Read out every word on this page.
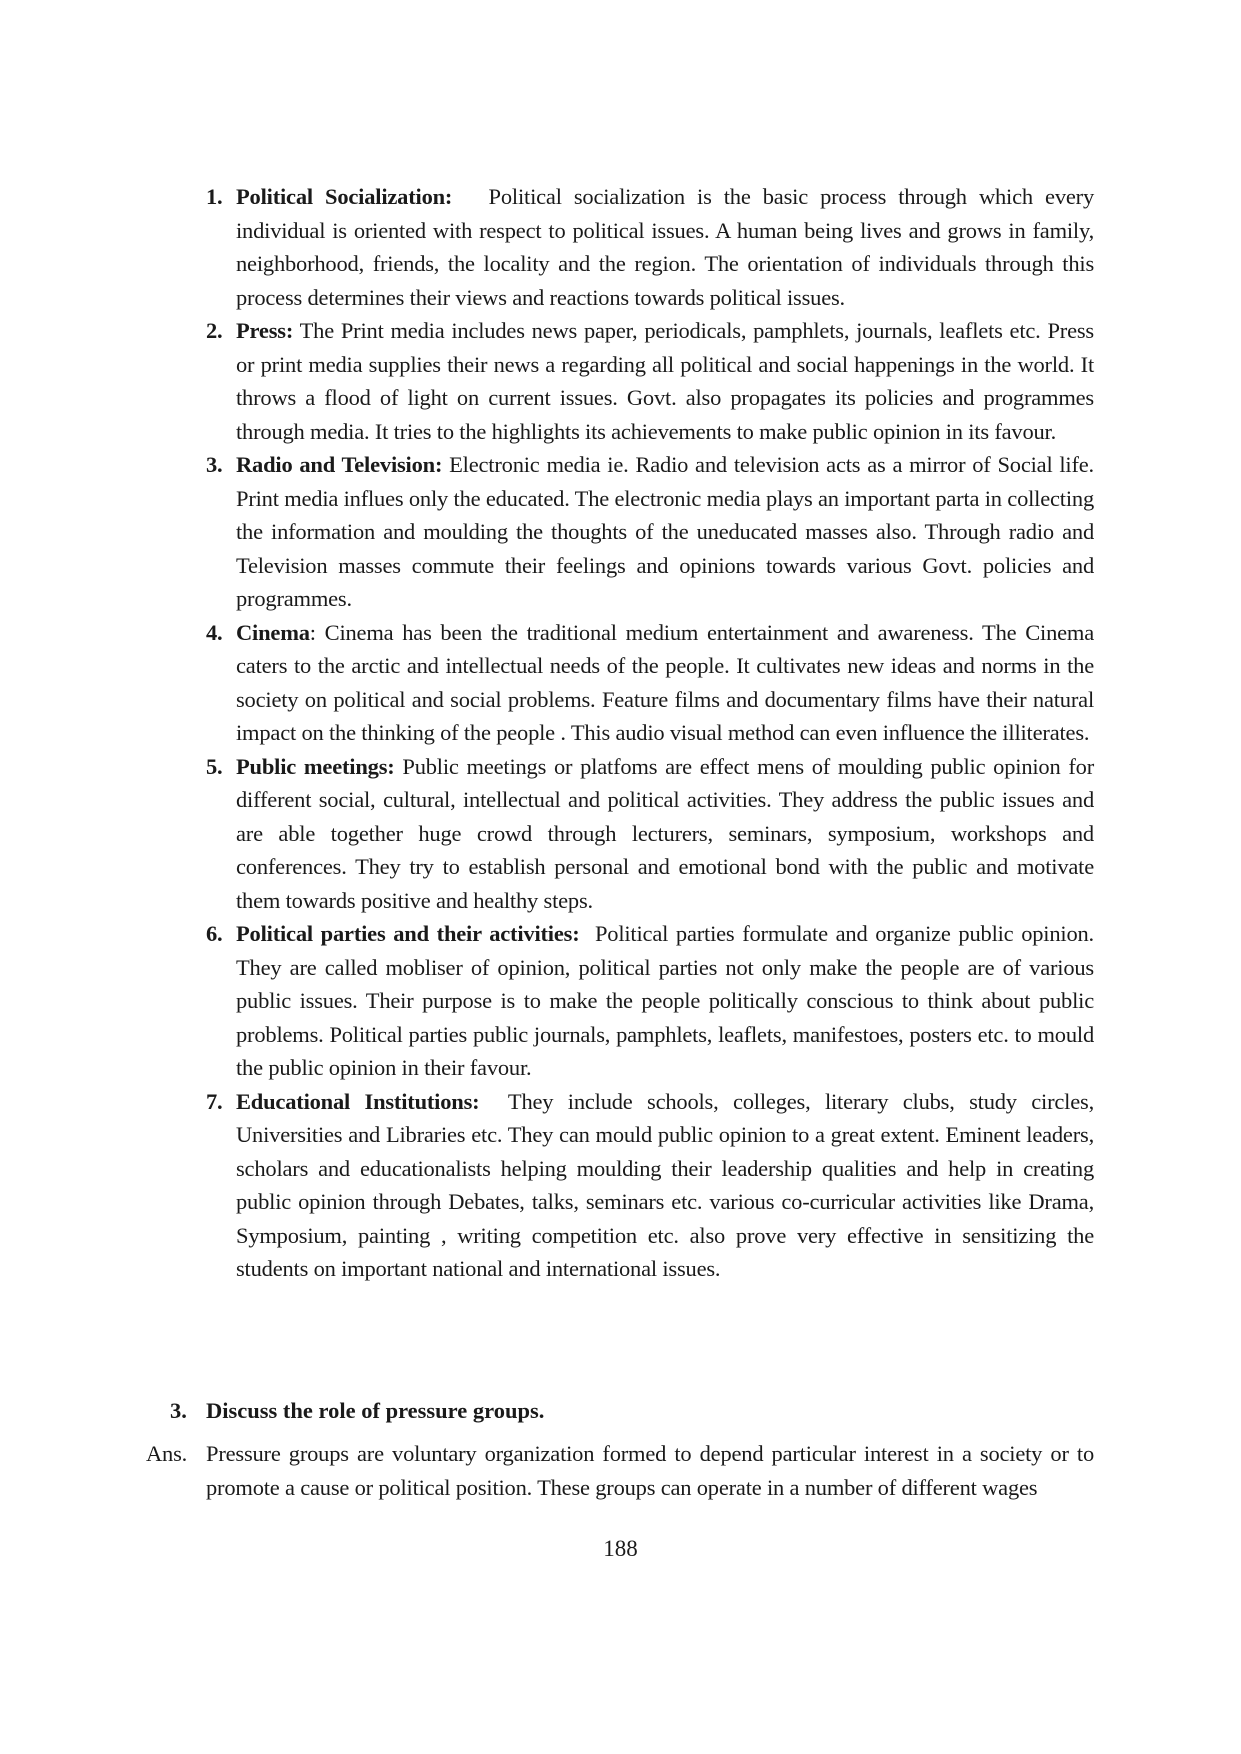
1. Political Socialization: Political socialization is the basic process through which every individual is oriented with respect to political issues. A human being lives and grows in family, neighborhood, friends, the locality and the region. The orientation of individuals through this process determines their views and reactions towards political issues.
2. Press: The Print media includes news paper, periodicals, pamphlets, journals, leaflets etc. Press or print media supplies their news a regarding all political and social happenings in the world. It throws a flood of light on current issues. Govt. also propagates its policies and programmes through media. It tries to the highlights its achievements to make public opinion in its favour.
3. Radio and Television: Electronic media ie. Radio and television acts as a mirror of Social life. Print media influes only the educated. The electronic media plays an important parta in collecting the information and moulding the thoughts of the uneducated masses also. Through radio and Television masses commute their feelings and opinions towards various Govt. policies and programmes.
4. Cinema: Cinema has been the traditional medium entertainment and awareness. The Cinema caters to the arctic and intellectual needs of the people. It cultivates new ideas and norms in the society on political and social problems. Feature films and documentary films have their natural impact on the thinking of the people . This audio visual method can even influence the illiterates.
5. Public meetings: Public meetings or platfoms are effect mens of moulding public opinion for different social, cultural, intellectual and political activities. They address the public issues and are able together huge crowd through lecturers, seminars, symposium, workshops and conferences. They try to establish personal and emotional bond with the public and motivate them towards positive and healthy steps.
6. Political parties and their activities: Political parties formulate and organize public opinion. They are called mobliser of opinion, political parties not only make the people are of various public issues. Their purpose is to make the people politically conscious to think about public problems. Political parties public journals, pamphlets, leaflets, manifestoes, posters etc. to mould the public opinion in their favour.
7. Educational Institutions: They include schools, colleges, literary clubs, study circles, Universities and Libraries etc. They can mould public opinion to a great extent. Eminent leaders, scholars and educationalists helping moulding their leadership qualities and help in creating public opinion through Debates, talks, seminars etc. various co-curricular activities like Drama, Symposium, painting , writing competition etc. also prove very effective in sensitizing the students on important national and international issues.
3. Discuss the role of pressure groups.
Ans. Pressure groups are voluntary organization formed to depend particular interest in a society or to promote a cause or political position. These groups can operate in a number of different wages
188
